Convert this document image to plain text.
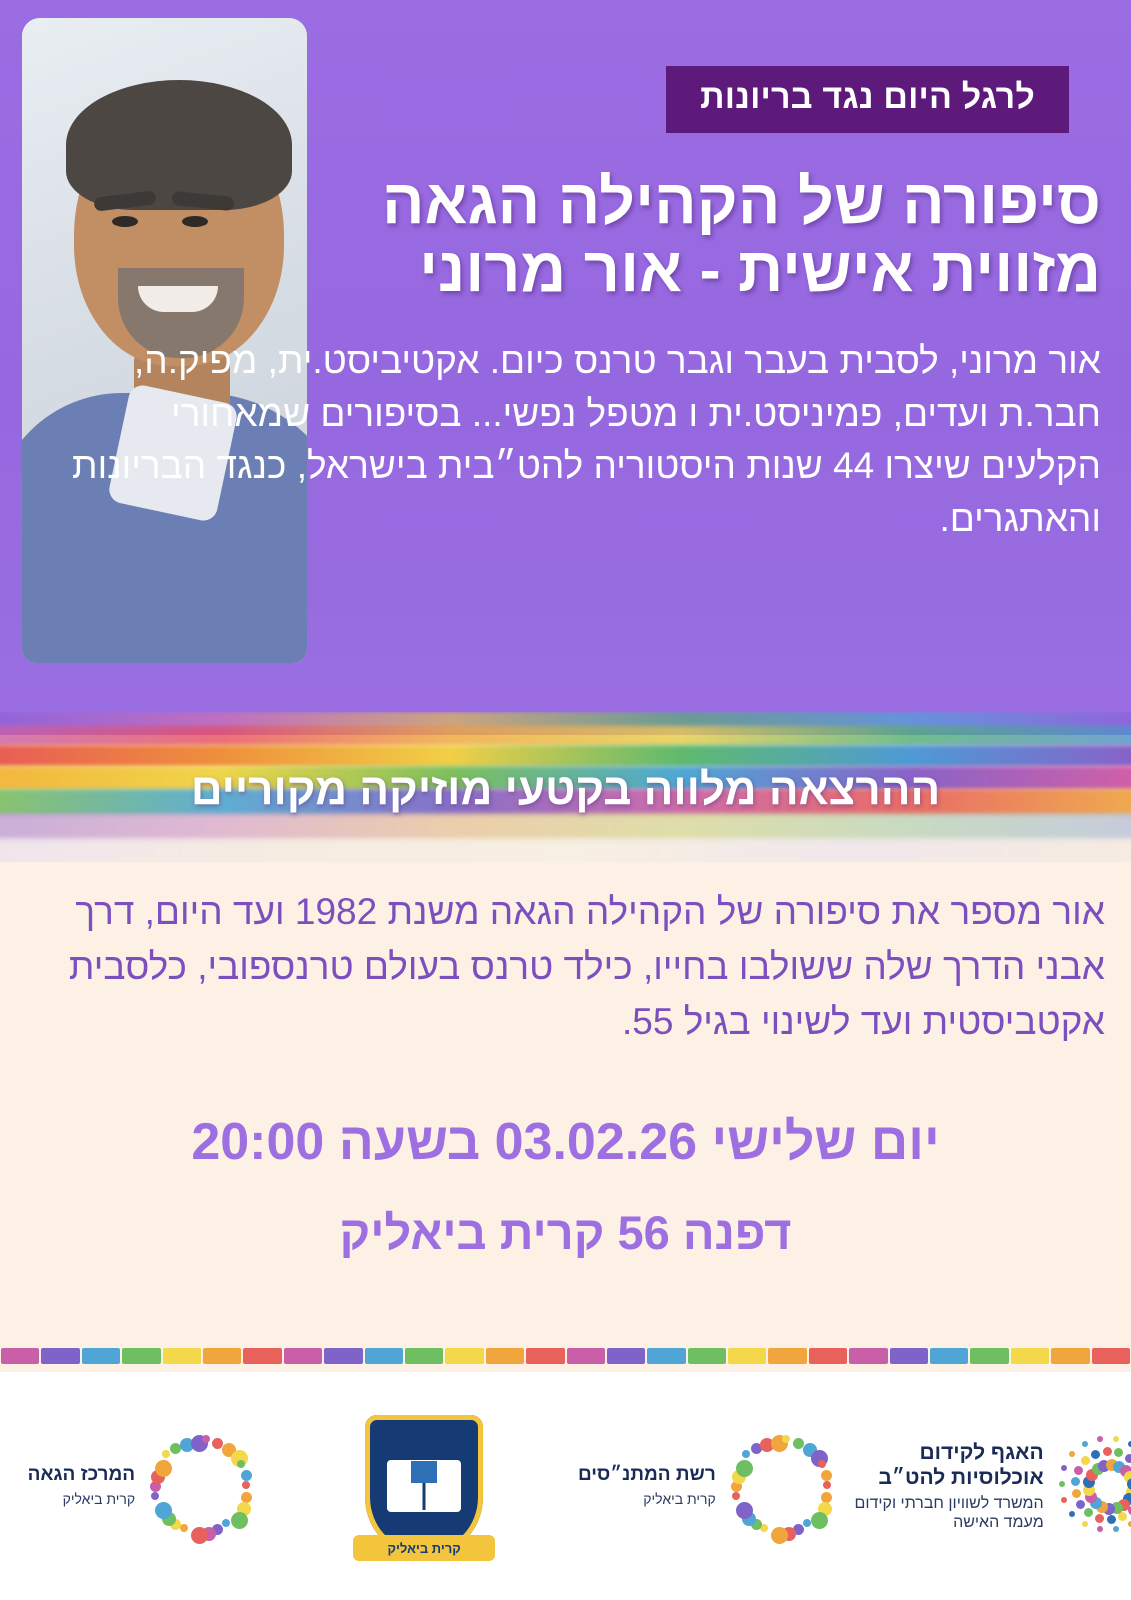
לרגל היום נגד בריונות
סיפורה של הקהילה הגאה
מזווית אישית - אור מרוני
אור מרוני, לסבית בעבר וגבר טרנס כיום. אקטיביסט.ית, מפיק.ה, חבר.ת ועדים, פמיניסט.ית ו מטפל נפשי... בסיפורים שמאחורי הקלעים שיצרו 44 שנות היסטוריה להט״בית בישראל, כנגד הבריונות והאתגרים.
ההרצאה מלווה בקטעי מוזיקה מקוריים
אור מספר את סיפורה של הקהילה הגאה משנת 1982 ועד היום, דרך אבני הדרך שלה ששולבו בחייו, כילד טרנס בעולם טרנספובי, כלסבית אקטביסטית ועד לשינוי בגיל 55.
יום שלישי 03.02.26 בשעה 20:00
דפנה 56 קרית ביאליק
האגף לקידום אוכלוסיות להט״ב
המשרד לשוויון חברתי וקידום מעמד האישה
רשת המתנ״סים
קרית ביאליק
קרית ביאליק
המרכז הגאה
קרית ביאליק
